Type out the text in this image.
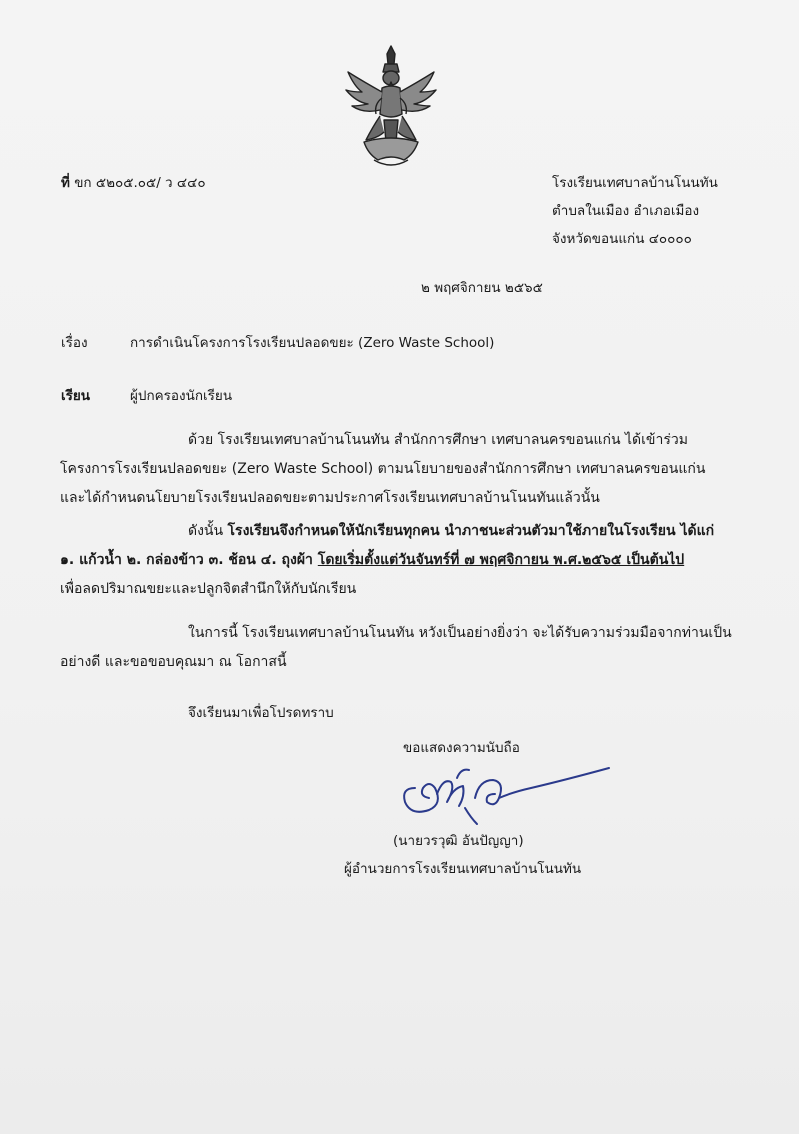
ที่ ขก ๕๒๐๕.๐๕/ ว ๔๔๐	โรงเรียนเทศบาลบ้านโนนทัน
ตำบลในเมือง อำเภอเมือง
จังหวัดขอนแก่น ๔๐๐๐๐
๒ พฤศจิกายน ๒๕๖๕
เรื่อง	การดำเนินโครงการโรงเรียนปลอดขยะ (Zero Waste School)
เรียน	ผู้ปกครองนักเรียน

ด้วย โรงเรียนเทศบาลบ้านโนนทัน สำนักการศึกษา เทศบาลนครขอนแก่น ได้เข้าร่วม

โครงการโรงเรียนปลอดขยะ (Zero Waste School) ตามนโยบายของสำนักการศึกษา เทศบาลนครขอนแก่น

และได้กำหนดนโยบายโรงเรียนปลอดขยะตามประกาศโรงเรียนเทศบาลบ้านโนนทันแล้วนั้น

ดังนั้น โรงเรียนจึงกำหนดให้นักเรียนทุกคน นำภาชนะส่วนตัวมาใช้ภายในโรงเรียน ได้แก่

๑. แก้วน้ำ ๒. กล่องข้าว ๓. ช้อน ๔. ถุงผ้า โดยเริ่มตั้งแต่วันจันทร์ที่ ๗ พฤศจิกายน พ.ศ.๒๕๖๕ เป็นต้นไป

เพื่อลดปริมาณขยะและปลูกจิตสำนึกให้กับนักเรียน

ในการนี้ โรงเรียนเทศบาลบ้านโนนทัน หวังเป็นอย่างยิ่งว่า จะได้รับความร่วมมือจากท่านเป็น

อย่างดี และขอขอบคุณมา ณ โอกาสนี้

จึงเรียนมาเพื่อโปรดทราบ
ขอแสดงความนับถือ
(นายวรวุฒิ อันปัญญา)
ผู้อำนวยการโรงเรียนเทศบาลบ้านโนนทัน
